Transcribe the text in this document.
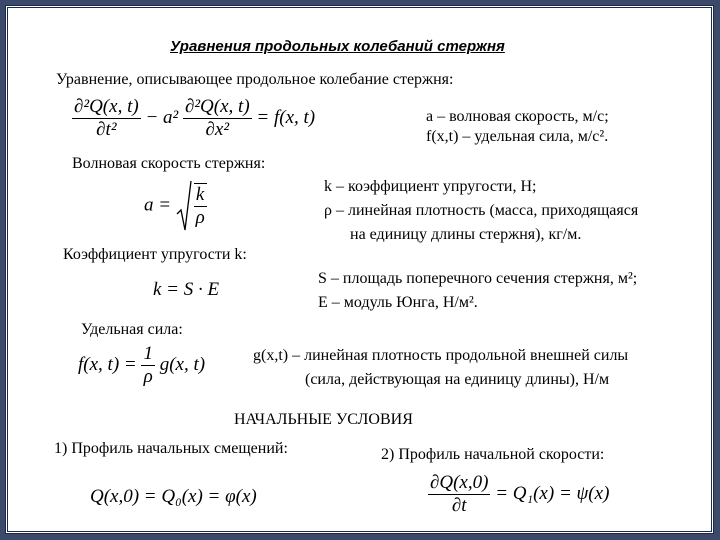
Уравнения продольных колебаний стержня
Уравнение, описывающее продольное колебание стержня:
$\frac{\text{∂²Q(x, t)}}{\text{∂t²}} - a^2 \frac{\text{∂²Q(x, t)}}{\text{∂x²}} = f(x$, t)	a – волновая скорость, м/с;
f(x,t) – удельная сила, м/с².
Волновая скорость стержня:
$a = \frac{k}{\rho}$	k – коэффициент упругости, Н;
ρ – линейная плотность (масса, приходящаяся
на единицу длины стержня), кг/м.
Коэффициент упругости k:
k = S · E
S – площадь поперечного сечения стержня, м²;
E – модуль Юнга, Н/м².
Удельная сила:
f(x, $t) = \frac{1}{\rho} g(x$, t)	g(x,t) – линейная плотность продольной внешней силы
(сила, действующая на единицу длины), Н/м
НАЧАЛЬНЫЕ УСЛОВИЯ
1) Профиль начальных смещений:	2) Профиль начальной скорости:
Q(x,0) = Q₀(x) = φ(x)	$\frac{\partial Q(x,0)}{\partial t} = Q_1(x) = \psi(x)$
